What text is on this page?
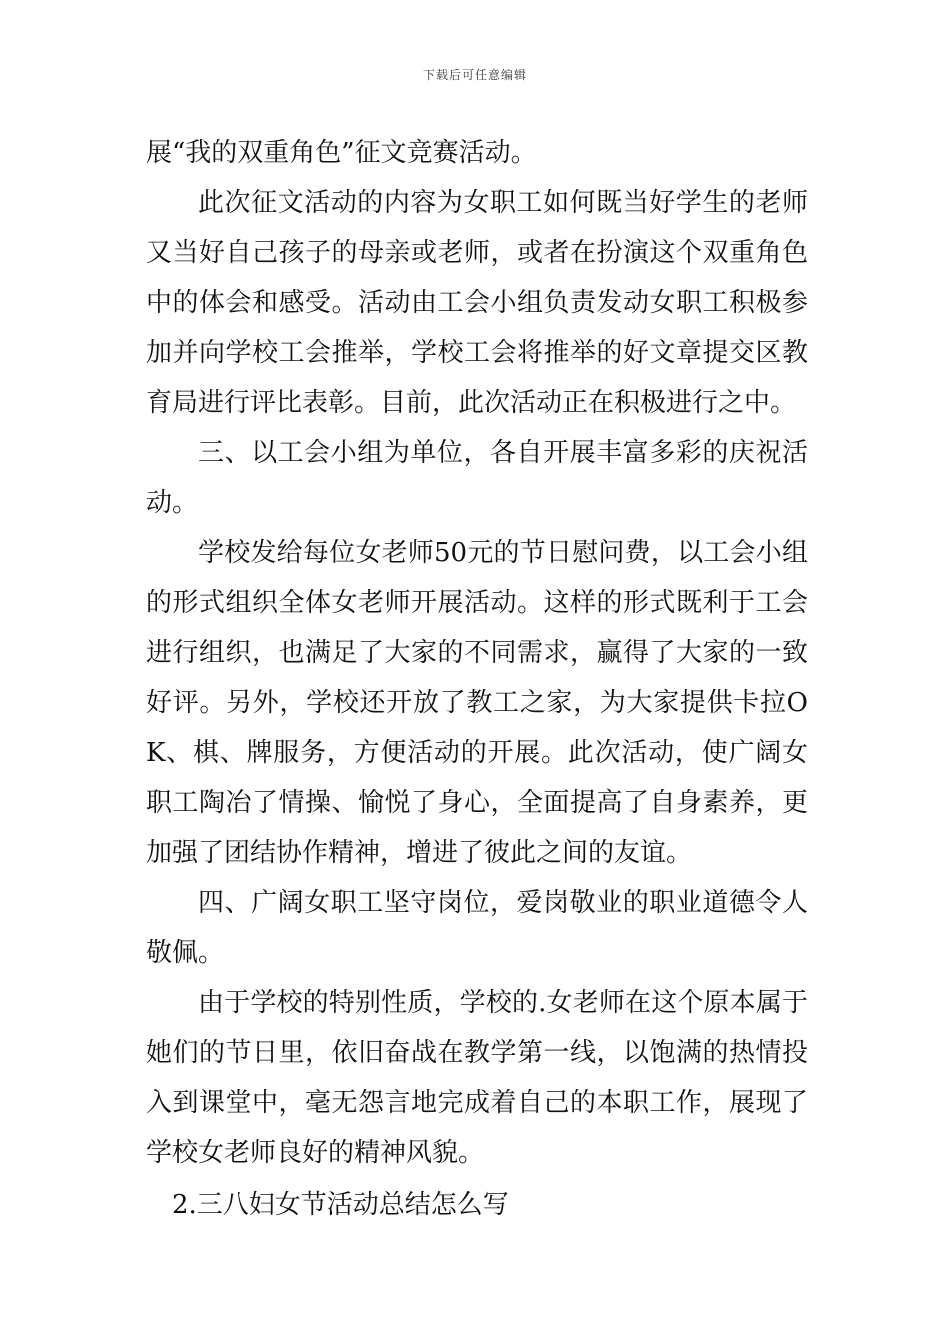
下载后可任意编辑

展“我的双重角色”征文竞赛活动。

此次征文活动的内容为女职工如何既当好学生的老师又当好自己孩子的母亲或老师，或者在扮演这个双重角色中的体会和感受。活动由工会小组负责发动女职工积极参加并向学校工会推举，学校工会将推举的好文章提交区教育局进行评比表彰。目前，此次活动正在积极进行之中。

三、以工会小组为单位，各自开展丰富多彩的庆祝活动。

学校发给每位女老师50元的节日慰问费，以工会小组的形式组织全体女老师开展活动。这样的形式既利于工会进行组织，也满足了大家的不同需求，赢得了大家的一致好评。另外，学校还开放了教工之家，为大家提供卡拉OK、棋、牌服务，方便活动的开展。此次活动，使广阔女职工陶冶了情操、愉悦了身心，全面提高了自身素养，更加强了团结协作精神，增进了彼此之间的友谊。

四、广阔女职工坚守岗位，爱岗敬业的职业道德令人敬佩。

由于学校的特别性质，学校的.女老师在这个原本属于她们的节日里，依旧奋战在教学第一线，以饱满的热情投入到课堂中，毫无怨言地完成着自己的本职工作，展现了学校女老师良好的精神风貌。

2.三八妇女节活动总结怎么写
